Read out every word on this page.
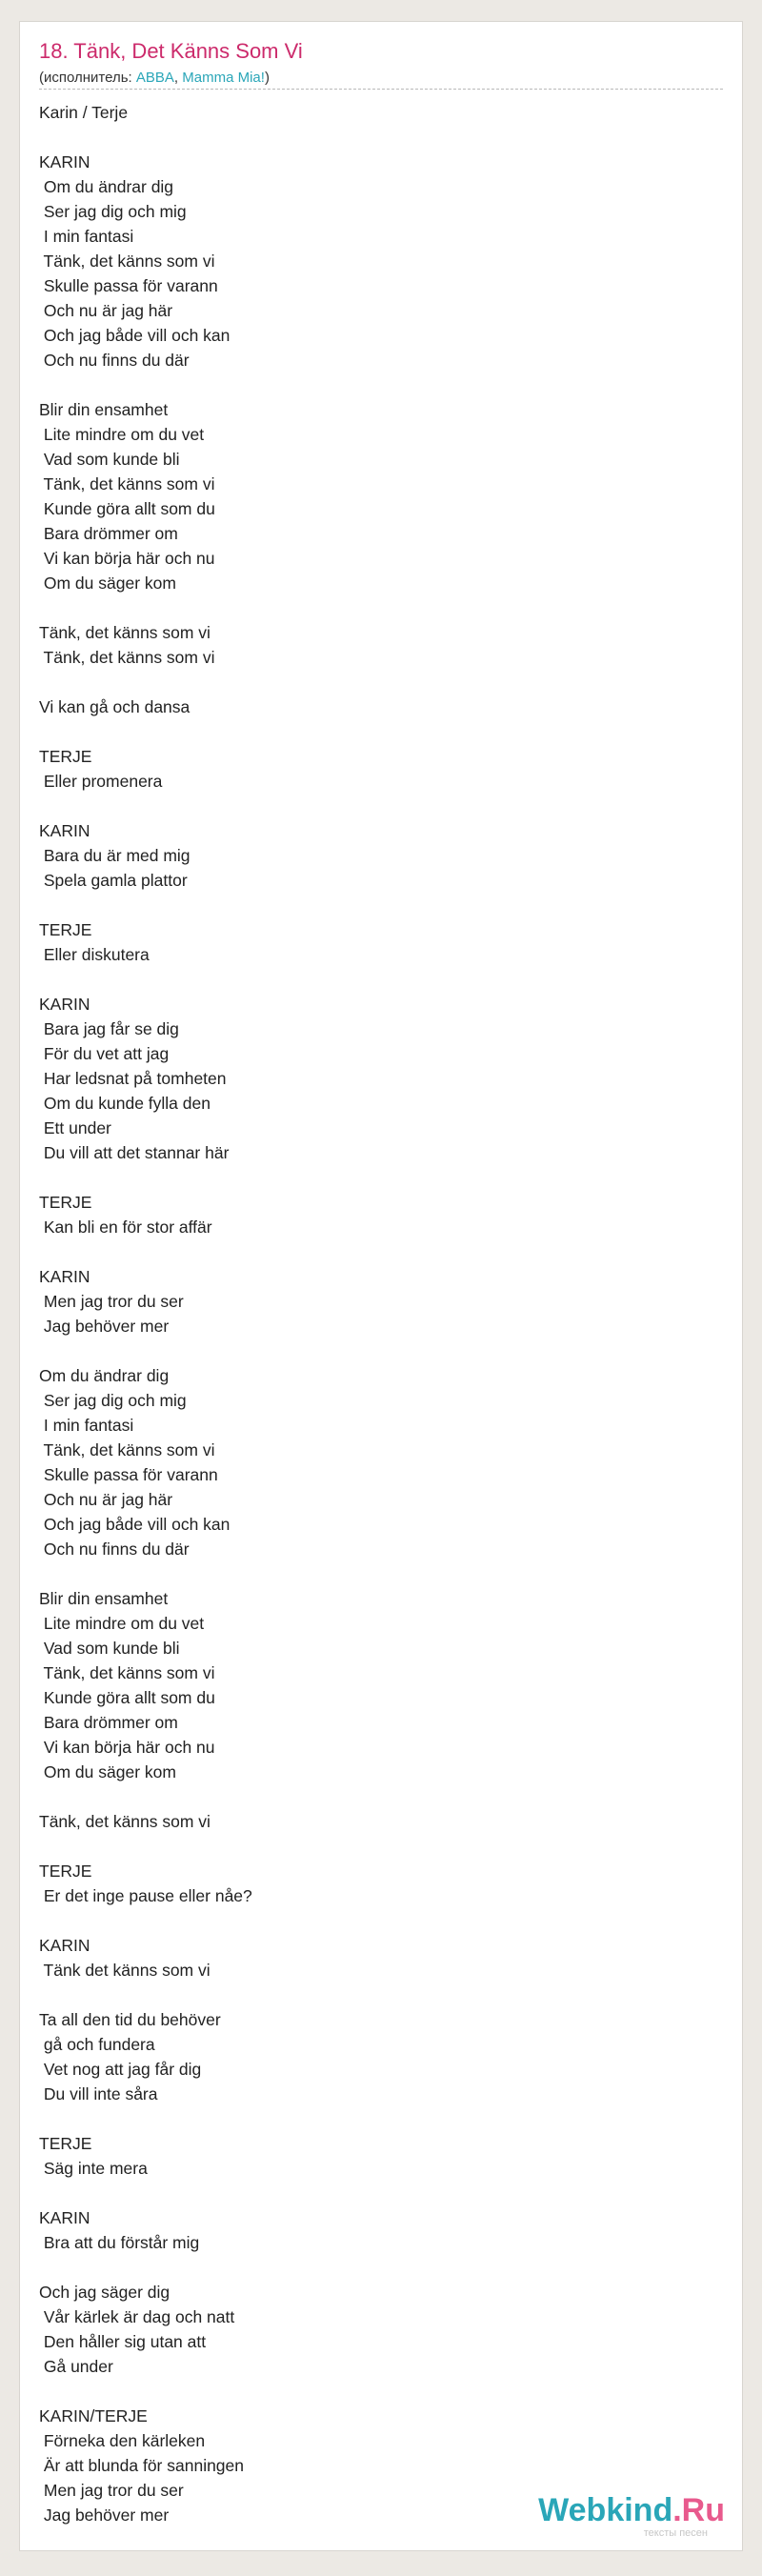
18. Tänk, Det Känns Som Vi
(исполнитель: ABBA, Mamma Mia!)
Karin / Terje
KARIN
Om du ändrar dig
Ser jag dig och mig
I min fantasi
Tänk, det känns som vi
Skulle passa för varann
Och nu är jag här
Och jag både vill och kan
Och nu finns du där
Blir din ensamhet
Lite mindre om du vet
Vad som kunde bli
Tänk, det känns som vi
Kunde göra allt som du
Bara drömmer om
Vi kan börja här och nu
Om du säger kom
Tänk, det känns som vi
Tänk, det känns som vi
Vi kan gå och dansa
TERJE
Eller promenera
KARIN
Bara du är med mig
Spela gamla plattor
TERJE
Eller diskutera
KARIN
Bara jag får se dig
För du vet att jag
Har ledsnat på tomheten
Om du kunde fylla den
Ett under
Du vill att det stannar här
TERJE
Kan bli en för stor affär
KARIN
Men jag tror du ser
Jag behöver mer
Om du ändrar dig
Ser jag dig och mig
I min fantasi
Tänk, det känns som vi
Skulle passa för varann
Och nu är jag här
Och jag både vill och kan
Och nu finns du där
Blir din ensamhet
Lite mindre om du vet
Vad som kunde bli
Tänk, det känns som vi
Kunde göra allt som du
Bara drömmer om
Vi kan börja här och nu
Om du säger kom
Tänk, det känns som vi
TERJE
Er det inge pause eller nåe?
KARIN
Tänk det känns som vi
Ta all den tid du behöver
gå och fundera
Vet nog att jag får dig
Du vill inte såra
TERJE
Säg inte mera
KARIN
Bra att du förstår mig
Och jag säger dig
Vår kärlek är dag och natt
Den håller sig utan att
Gå under
KARIN/TERJE
Förneka den kärleken
Är att blunda för sanningen
Men jag tror du ser
Jag behöver mer	Webkind.Ru
тексты песен
